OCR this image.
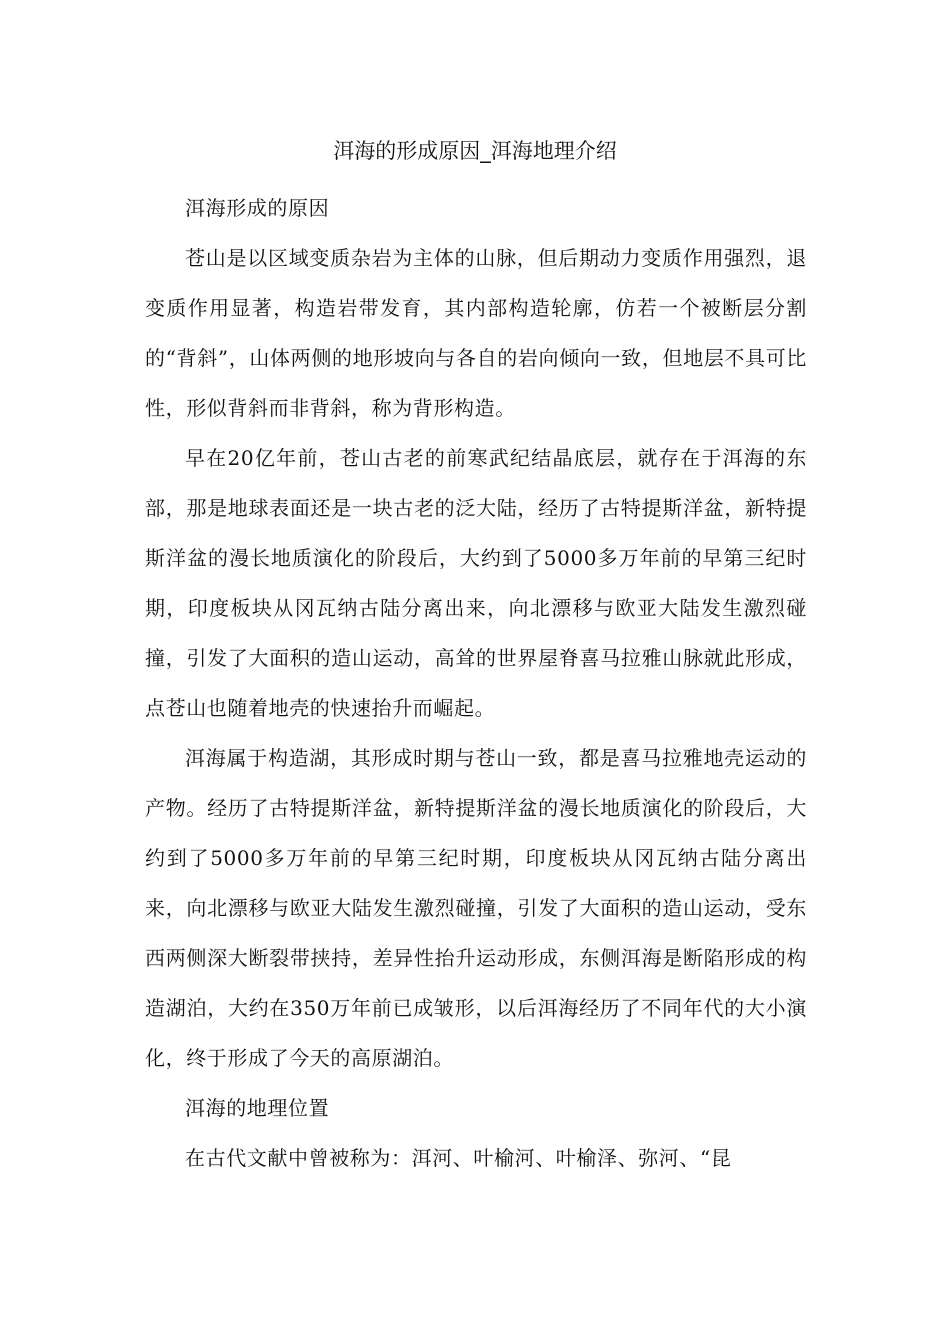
洱海的形成原因_洱海地理介绍

洱海形成的原因

苍山是以区域变质杂岩为主体的山脉，但后期动力变质作用强烈，退变质作用显著，构造岩带发育，其内部构造轮廓，仿若一个被断层分割的“背斜”，山体两侧的地形坡向与各自的岩向倾向一致，但地层不具可比性，形似背斜而非背斜，称为背形构造。

早在20亿年前，苍山古老的前寒武纪结晶底层，就存在于洱海的东部，那是地球表面还是一块古老的泛大陆，经历了古特提斯洋盆，新特提斯洋盆的漫长地质演化的阶段后，大约到了5000多万年前的早第三纪时期，印度板块从冈瓦纳古陆分离出来，向北漂移与欧亚大陆发生激烈碰撞，引发了大面积的造山运动，高耸的世界屋脊喜马拉雅山脉就此形成，点苍山也随着地壳的快速抬升而崛起。

洱海属于构造湖，其形成时期与苍山一致，都是喜马拉雅地壳运动的产物。经历了古特提斯洋盆，新特提斯洋盆的漫长地质演化的阶段后，大约到了5000多万年前的早第三纪时期，印度板块从冈瓦纳古陆分离出来，向北漂移与欧亚大陆发生激烈碰撞，引发了大面积的造山运动，受东西两侧深大断裂带挟持，差异性抬升运动形成，东侧洱海是断陷形成的构造湖泊，大约在350万年前已成皱形，以后洱海经历了不同年代的大小演化，终于形成了今天的高原湖泊。

洱海的地理位置

在古代文献中曾被称为：洱河、叶榆河、叶榆泽、弥河、“昆
